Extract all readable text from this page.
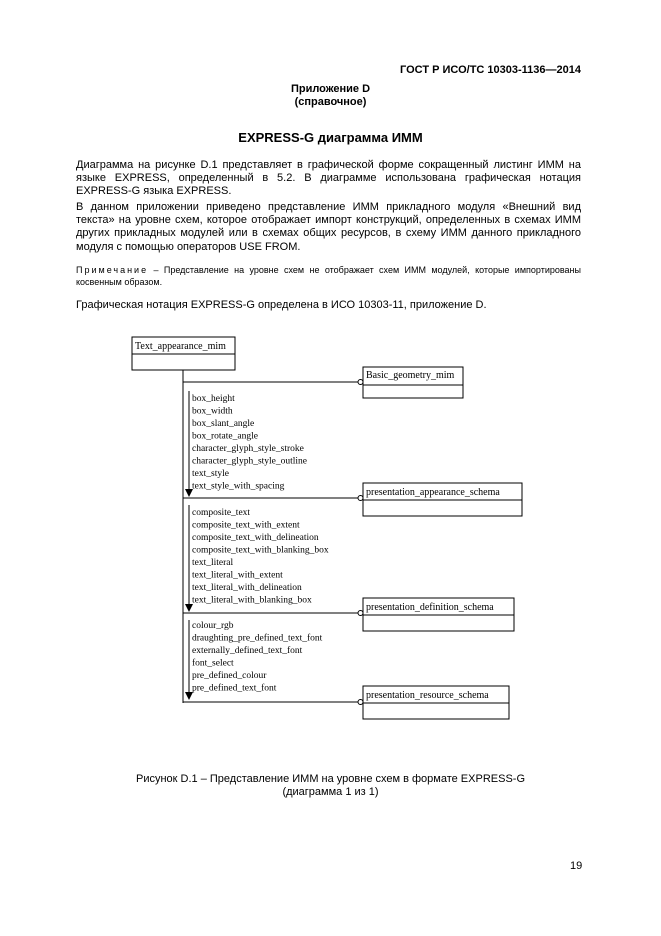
ГОСТ Р ИСО/ТС 10303-1136—2014
Приложение D
(справочное)
EXPRESS-G диаграмма ИММ
Диаграмма на рисунке D.1 представляет в графической форме сокращенный листинг ИММ на языке EXPRESS, определенный в 5.2. В диаграмме использована графическая нотация EXPRESS-G языка EXPRESS.
В данном приложении приведено представление ИММ прикладного модуля «Внешний вид текста» на уровне схем, которое отображает импорт конструкций, определенных в схемах ИММ других прикладных модулей или в схемах общих ресурсов, в схему ИММ данного прикладного модуля с помощью операторов USE FROM.
Примечание – Представление на уровне схем не отображает схем ИММ модулей, которые импортированы косвенным образом.
Графическая нотация EXPRESS-G определена в ИСО 10303-11, приложение D.
Text_appearance_mim
Basic_geometry_mim
presentation_appearance_schema
presentation_definition_schema
presentation_resource_schema
box_height
box_width
box_slant_angle
box_rotate_angle
character_glyph_style_stroke
character_glyph_style_outline
text_style
text_style_with_spacing
composite_text
composite_text_with_extent
composite_text_with_delineation
composite_text_with_blanking_box
text_literal
text_literal_with_extent
text_literal_with_delineation
text_literal_with_blanking_box
colour_rgb
draughting_pre_defined_text_font
externally_defined_text_font
font_select
pre_defined_colour
pre_defined_text_font
Рисунок D.1 – Представление ИММ на уровне схем в формате EXPRESS-G
(диаграмма 1 из 1)
19
